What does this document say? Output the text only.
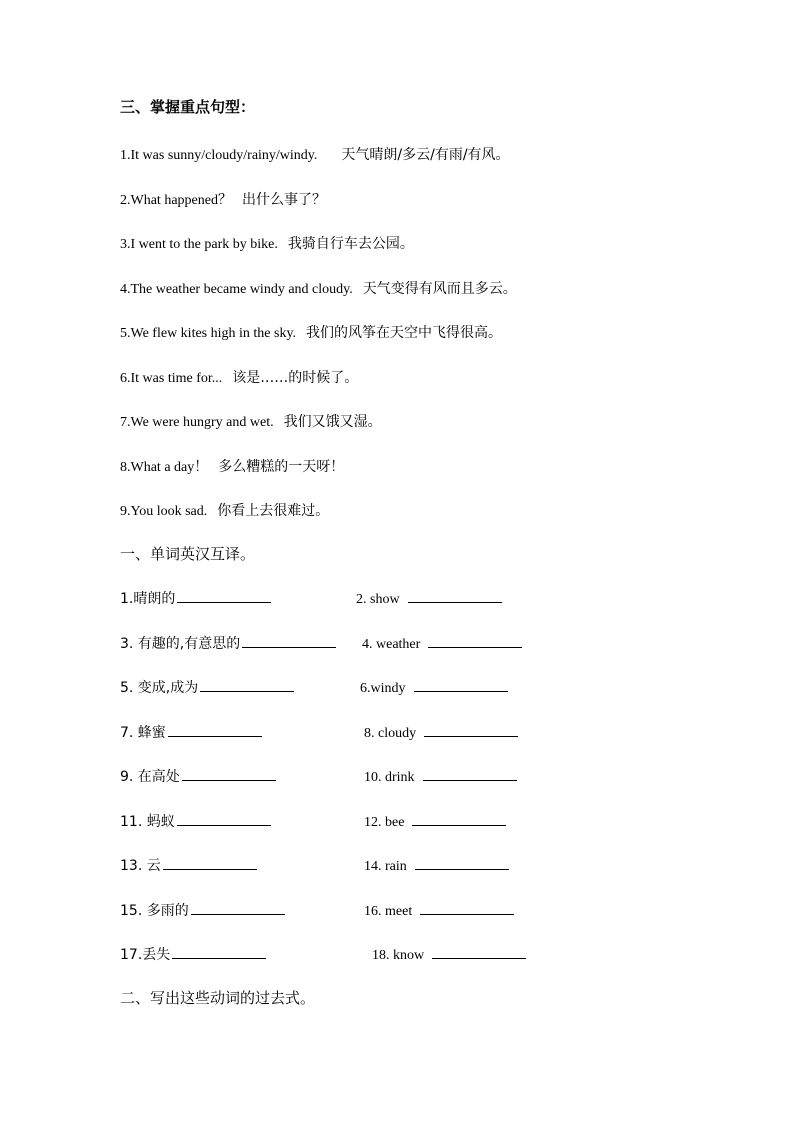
三、掌握重点句型：
1.It was sunny/cloudy/rainy/windy. 天气晴朗/多云/有雨/有风。
2.What happened？ 出什么事了？
3.I went to the park by bike. 我骑自行车去公园。
4.The weather became windy and cloudy. 天气变得有风而且多云。
5.We flew kites high in the sky. 我们的风筝在天空中飞得很高。
6.It was time for... 该是……的时候了。
7.We were hungry and wet. 我们又饿又湿。
8.What a day！ 多么糟糕的一天呀！
9.You look sad. 你看上去很难过。
一、单词英汉互译。
1.晴朗的
3. 有趣的,有意思的
5. 变成,成为
7. 蜂蜜
9. 在高处
11. 蚂蚁
13. 云
15. 多雨的
17.丢失
2. show
4. weather
6.windy
8. cloudy
10. drink
12. bee
14. rain
16. meet
18. know
二、写出这些动词的过去式。
